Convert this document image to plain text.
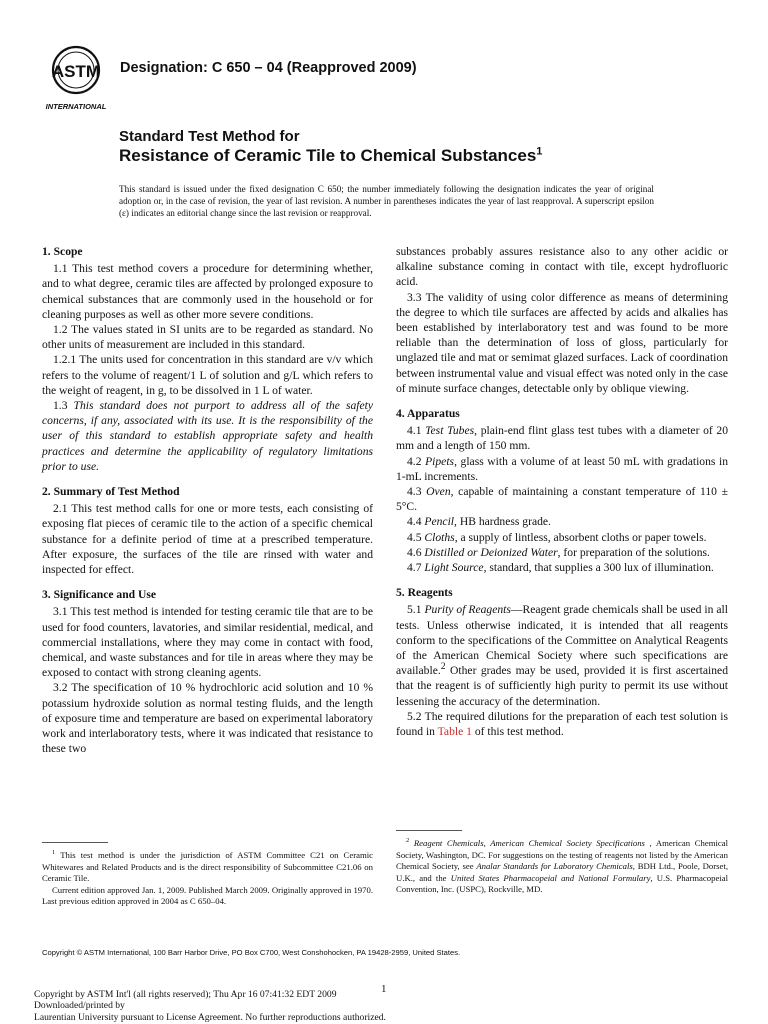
ASTM
INTERNATIONAL
Designation: C 650 – 04 (Reapproved 2009)
Standard Test Method for
Resistance of Ceramic Tile to Chemical Substances$^1$
This standard is issued under the fixed designation C 650; the number immediately following the designation indicates the year of original adoption or, in the case of revision, the year of last revision. A number in parentheses indicates the year of last reapproval. A superscript epsilon (ε) indicates an editorial change since the last revision or reapproval.
1. Scope

1.1 This test method covers a procedure for determining whether, and to what degree, ceramic tiles are affected by prolonged exposure to chemical substances that are commonly used in the household or for cleaning purposes as well as other more severe conditions.

1.2 The values stated in SI units are to be regarded as standard. No other units of measurement are included in this standard.

1.2.1 The units used for concentration in this standard are v/v which refers to the volume of reagent/1 L of solution and g/L which refers to the weight of reagent, in g, to be dissolved in 1 L of water.

1.3 This standard does not purport to address all of the safety concerns, if any, associated with its use. It is the responsibility of the user of this standard to establish appropriate safety and health practices and determine the applicability of regulatory limitations prior to use.

2. Summary of Test Method

2.1 This test method calls for one or more tests, each consisting of exposing flat pieces of ceramic tile to the action of a specific chemical substance for a definite period of time at a prescribed temperature. After exposure, the surfaces of the tile are rinsed with water and inspected for effect.

3. Significance and Use

3.1 This test method is intended for testing ceramic tile that are to be used for food counters, lavatories, and similar residential, medical, and commercial installations, where they may come in contact with food, chemical, and waste substances and for tile in areas where they may be exposed to contact with strong cleaning agents.

3.2 The specification of 10 % hydrochloric acid solution and 10 % potassium hydroxide solution as normal testing fluids, and the length of exposure time and temperature are based on experimental laboratory work and interlaboratory tests, where it was indicated that resistance to these two

substances probably assures resistance also to any other acidic or alkaline substance coming in contact with tile, except hydrofluoric acid.

3.3 The validity of using color difference as means of determining the degree to which tile surfaces are affected by acids and alkalies has been established by interlaboratory test and was found to be more reliable than the determination of loss of gloss, particularly for unglazed tile and mat or semimat glazed surfaces. Lack of coordination between instrumental value and visual effect was noted only in the case of minute surface changes, detectable only by oblique viewing.

4. Apparatus

4.1 Test Tubes, plain-end flint glass test tubes with a diameter of 20 mm and a length of 150 mm.

4.2 Pipets, glass with a volume of at least 50 mL with gradations in 1-mL increments.

4.3 Oven, capable of maintaining a constant temperature of 110 ± 5°C.

4.4 Pencil, HB hardness grade.

4.5 Cloths, a supply of lintless, absorbent cloths or paper towels.

4.6 Distilled or Deionized Water, for preparation of the solutions.

4.7 Light Source, standard, that supplies a 300 lux of illumination.

5. Reagents

5.1 Purity of Reagents—Reagent grade chemicals shall be used in all tests. Unless otherwise indicated, it is intended that all reagents conform to the specifications of the Committee on Analytical Reagents of the American Chemical Society where such specifications are available.$^2$ Other grades may be used, provided it is first ascertained that the reagent is of sufficiently high purity to permit its use without lessening the accuracy of the determination.

5.2 The required dilutions for the preparation of each test solution is found in Table 1 of this test method.

$^1$ This test method is under the jurisdiction of ASTM Committee C21 on Ceramic Whitewares and Related Products and is the direct responsibility of Subcommittee C21.06 on Ceramic Tile.

Current edition approved Jan. 1, 2009. Published March 2009. Originally approved in 1970. Last previous edition approved in 2004 as C 650–04.

$^2$ Reagent Chemicals, American Chemical Society Specifications , American Chemical Society, Washington, DC. For suggestions on the testing of reagents not listed by the American Chemical Society, see Analar Standards for Laboratory Chemicals, BDH Ltd., Poole, Dorset, U.K., and the United States Pharmacopeial and National Formulary, U.S. Pharmacopeial Convention, Inc. (USPC), Rockville, MD.

Copyright © ASTM International, 100 Barr Harbor Drive, PO Box C700, West Conshohocken, PA 19428-2959, United States.
1
Copyright by ASTM Int'l (all rights reserved); Thu Apr 16 07:41:32 EDT 2009
Downloaded/printed by
Laurentian University pursuant to License Agreement. No further reproductions authorized.
